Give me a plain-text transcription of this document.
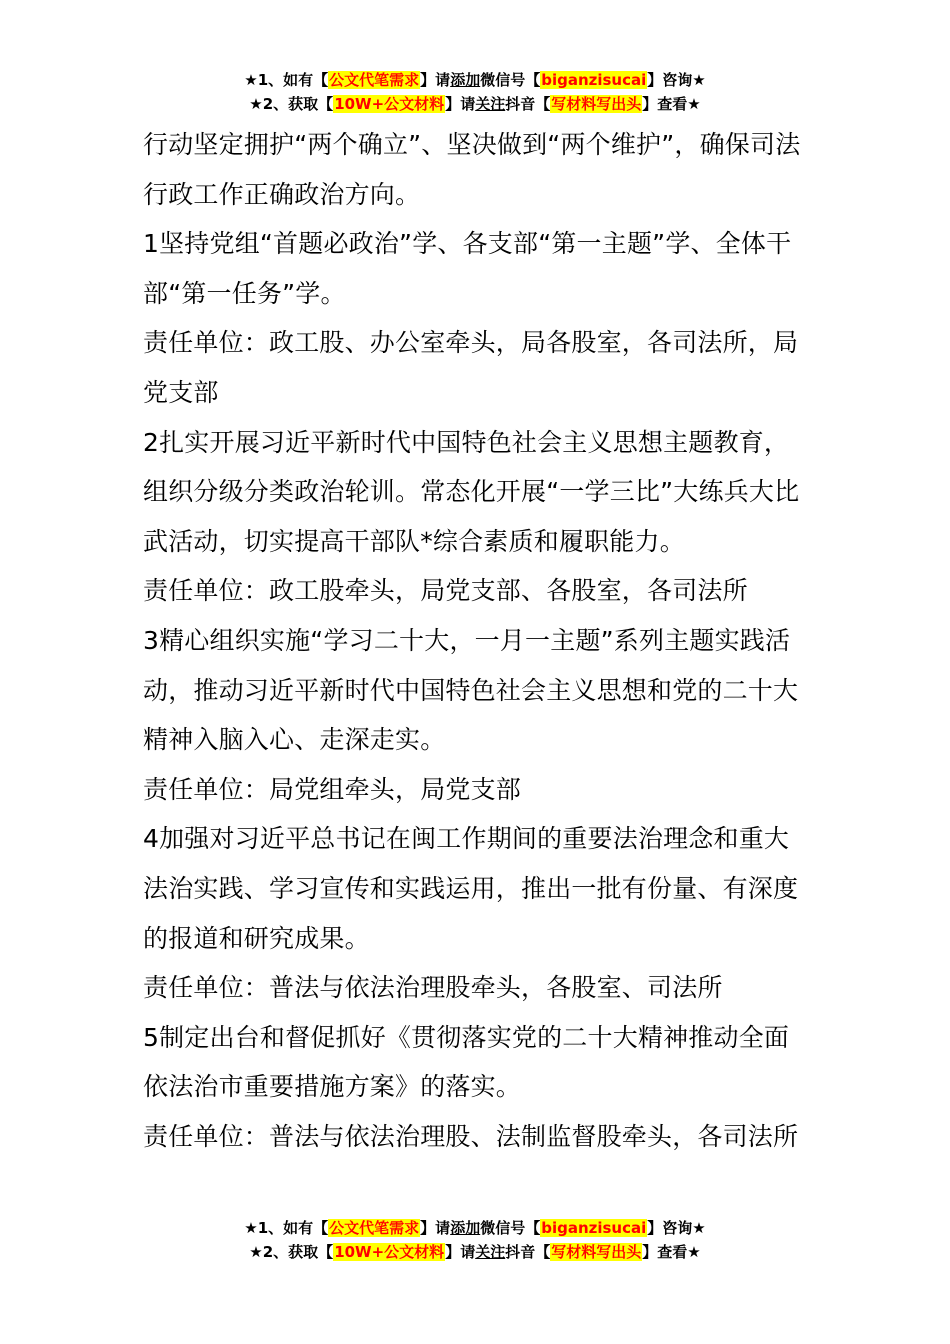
★1、如有【公文代笔需求】请添加微信号【biganzisucai】咨询★
★2、获取【10W+公文材料】请关注抖音【写材料写出头】查看★

行动坚定拥护“两个确立”、坚决做到“两个维护”，确保司法行政工作正确政治方向。

1坚持党组“首题必政治”学、各支部“第一主题”学、全体干部“第一任务”学。

责任单位：政工股、办公室牵头，局各股室，各司法所，局党支部

2扎实开展习近平新时代中国特色社会主义思想主题教育，组织分级分类政治轮训。常态化开展“一学三比”大练兵大比武活动，切实提高干部队*综合素质和履职能力。

责任单位：政工股牵头，局党支部、各股室，各司法所

3精心组织实施“学习二十大，一月一主题”系列主题实践活动，推动习近平新时代中国特色社会主义思想和党的二十大精神入脑入心、走深走实。

责任单位：局党组牵头，局党支部

4加强对习近平总书记在闽工作期间的重要法治理念和重大法治实践、学习宣传和实践运用，推出一批有份量、有深度的报道和研究成果。

责任单位：普法与依法治理股牵头，各股室、司法所

5制定出台和督促抓好《贯彻落实党的二十大精神推动全面依法治市重要措施方案》的落实。

责任单位：普法与依法治理股、法制监督股牵头，各司法所

★1、如有【公文代笔需求】请添加微信号【biganzisucai】咨询★
★2、获取【10W+公文材料】请关注抖音【写材料写出头】查看★
